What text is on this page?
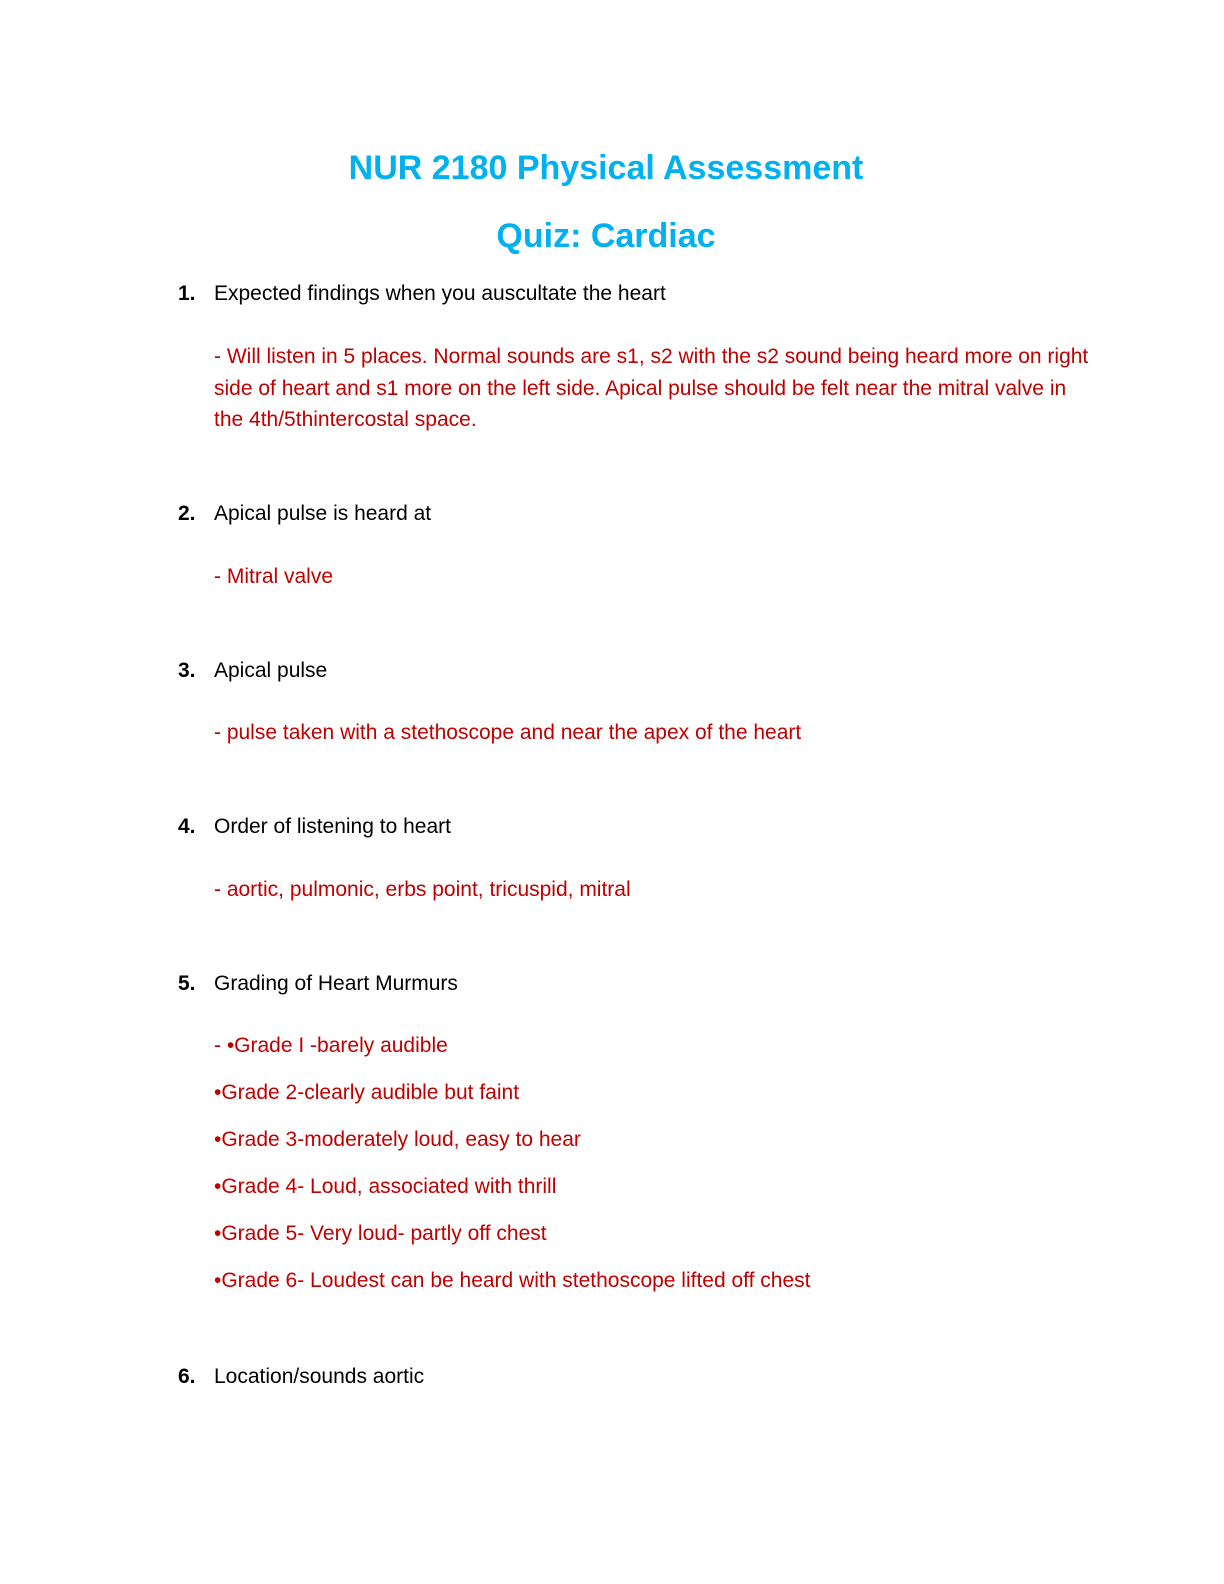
NUR 2180 Physical Assessment
Quiz: Cardiac
1. Expected findings when you auscultate the heart

- Will listen in 5 places. Normal sounds are s1, s2 with the s2 sound being heard more on right side of heart and s1 more on the left side. Apical pulse should be felt near the mitral valve in the 4th/5thintercostal space.

2. Apical pulse is heard at

- Mitral valve

3. Apical pulse

- pulse taken with a stethoscope and near the apex of the heart

4. Order of listening to heart

- aortic, pulmonic, erbs point, tricuspid, mitral

5. Grading of Heart Murmurs

- •Grade I -barely audible

•Grade 2-clearly audible but faint

•Grade 3-moderately loud, easy to hear

•Grade 4- Loud, associated with thrill

•Grade 5- Very loud- partly off chest

•Grade 6- Loudest can be heard with stethoscope lifted off chest

6. Location/sounds aortic
